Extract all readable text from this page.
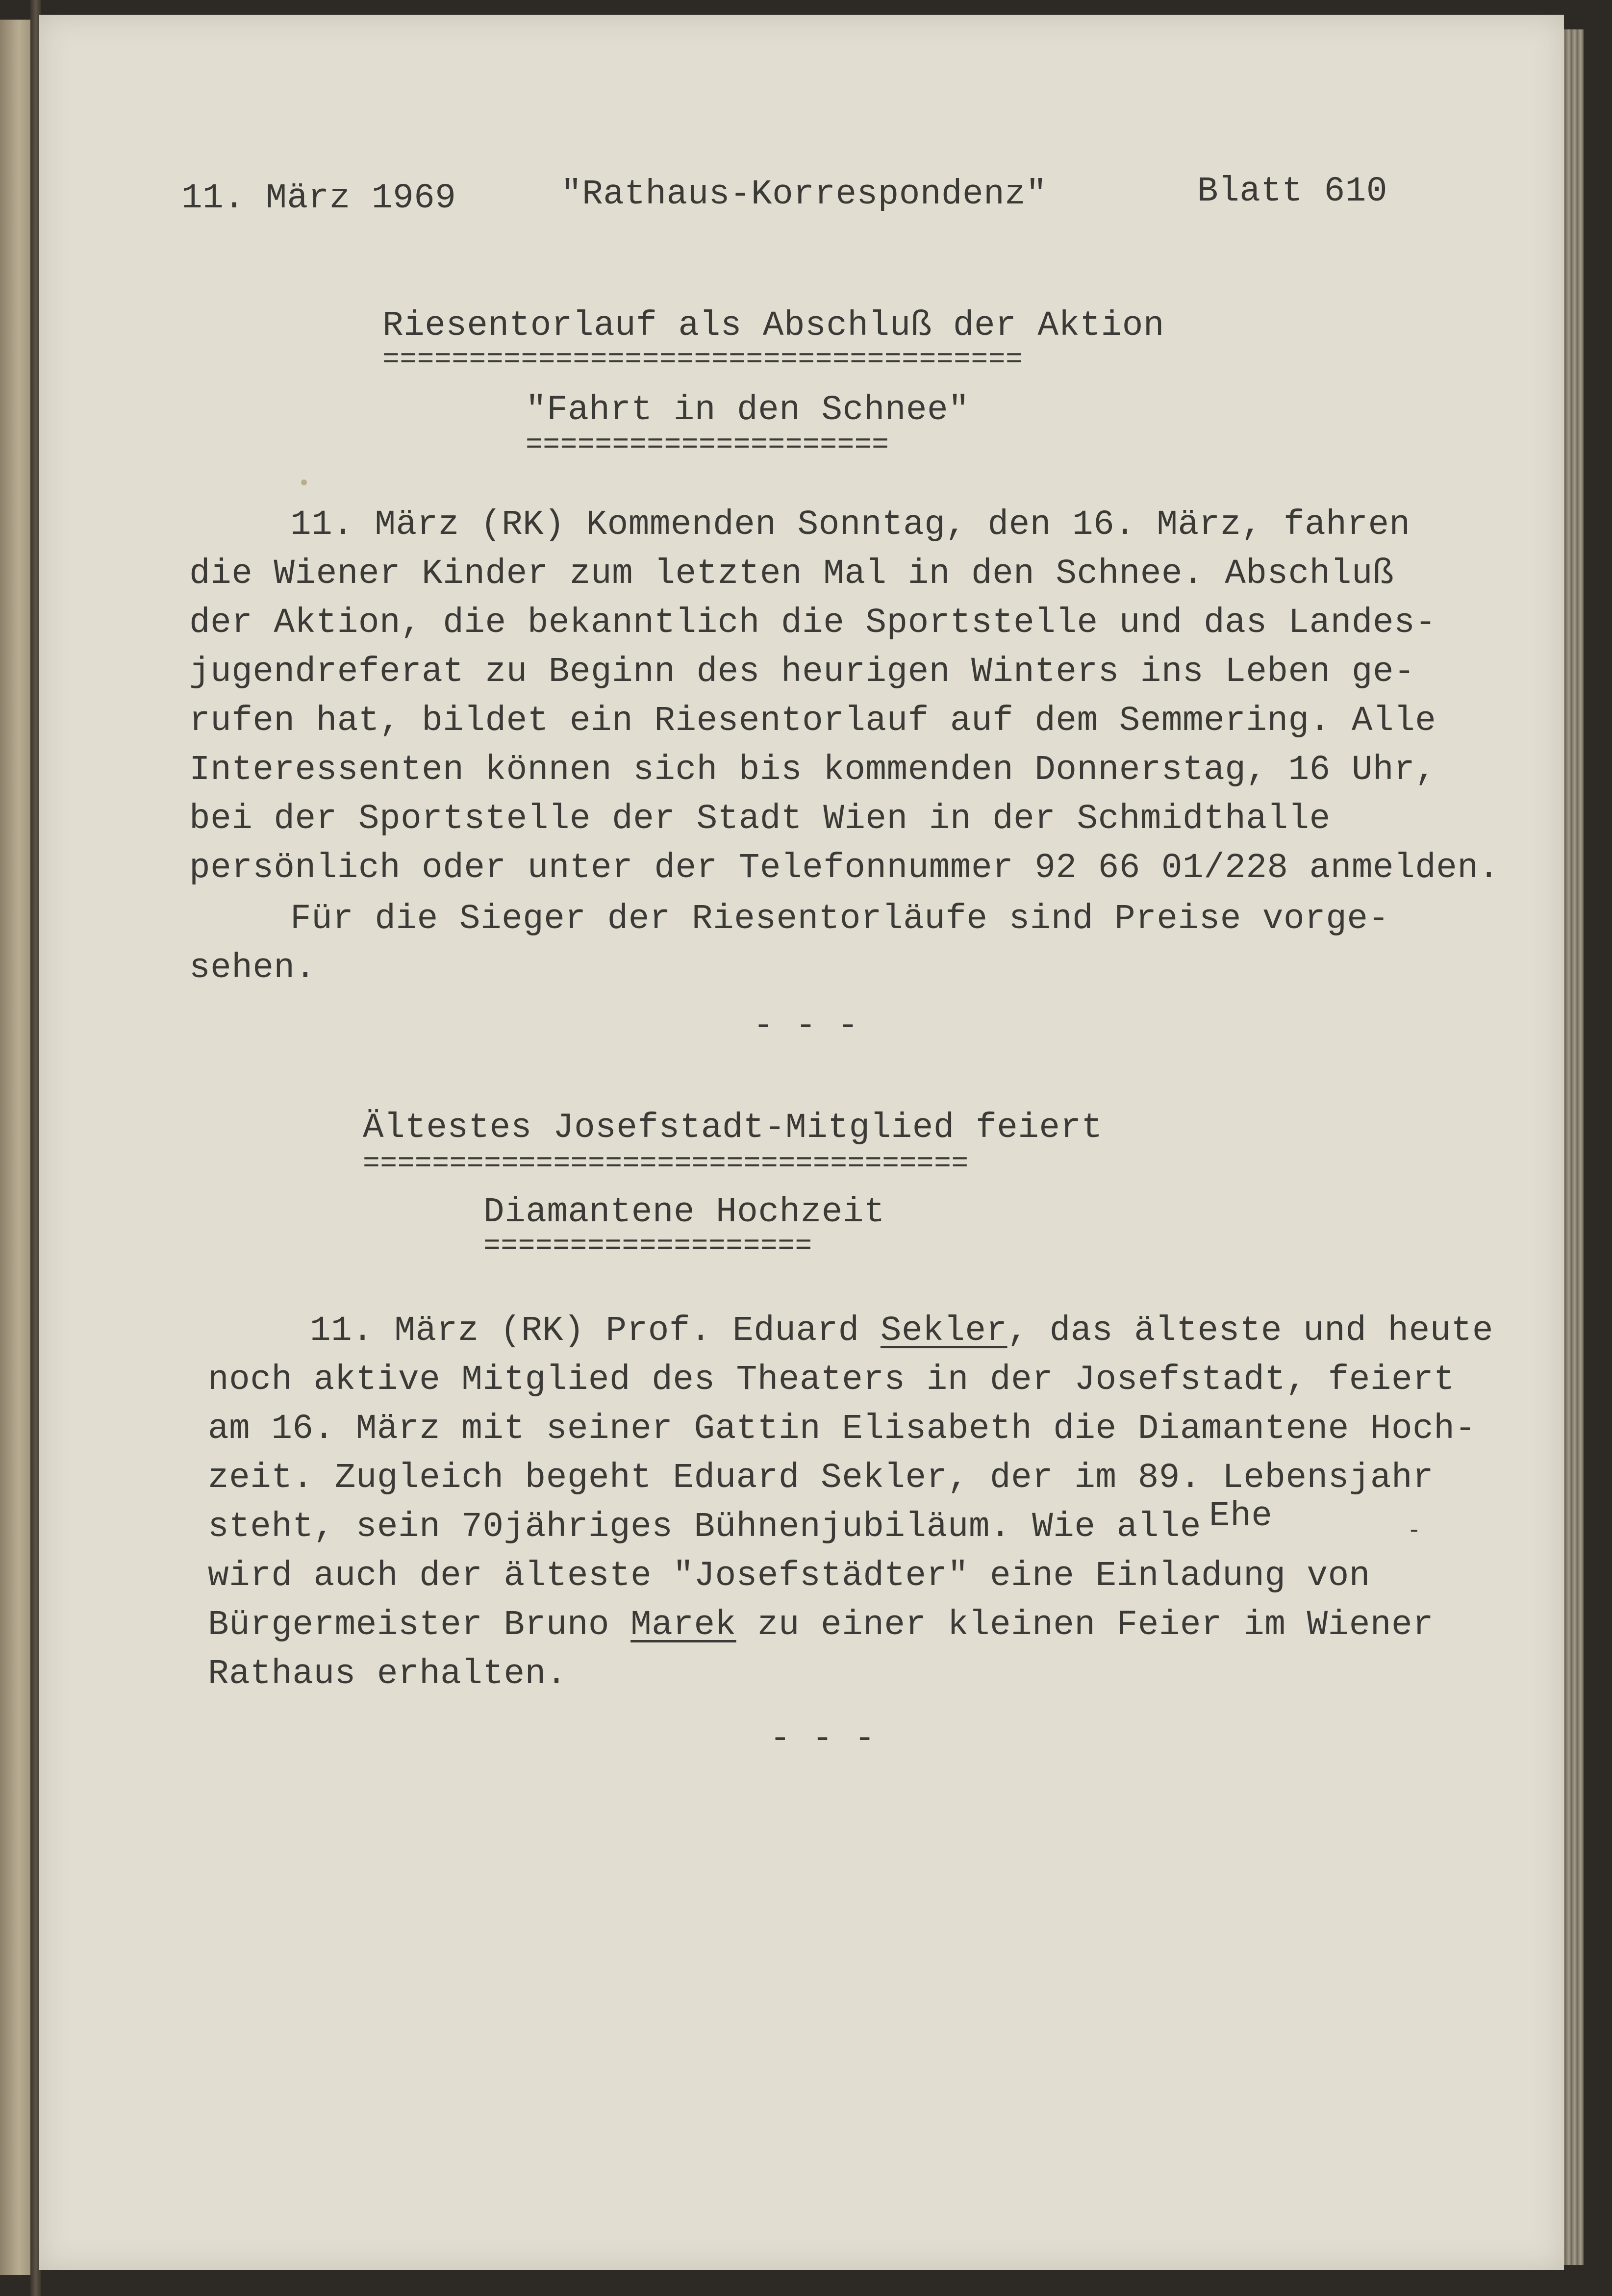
11. März 1969	"Rathaus-Korrespondenz"	Blatt 610
Riesentorlauf als Abschluß der Aktion
=====================================
"Fahrt in den Schnee"
=====================
11. März (RK) Kommenden Sonntag, den 16. März, fahren
die Wiener Kinder zum letzten Mal in den Schnee. Abschluß
der Aktion, die bekanntlich die Sportstelle und das Landes-
jugendreferat zu Beginn des heurigen Winters ins Leben ge-
rufen hat, bildet ein Riesentorlauf auf dem Semmering. Alle
Interessenten können sich bis kommenden Donnerstag, 16 Uhr,
bei der Sportstelle der Stadt Wien in der Schmidthalle
persönlich oder unter der Telefonnummer 92 66 01/228 anmelden.
Für die Sieger der Riesentorläufe sind Preise vorge-
sehen.
- - -
Ältestes Josefstadt-Mitglied feiert
===================================
Diamantene Hochzeit
===================
11. März (RK) Prof. Eduard Sekler, das älteste und heute
noch aktive Mitglied des Theaters in der Josefstadt, feiert
am 16. März mit seiner Gattin Elisabeth die Diamantene Hoch-
zeit. Zugleich begeht Eduard Sekler, der im 89. Lebensjahr
steht, sein 70jähriges Bühnenjubiläum. Wie alle Ehe	-
wird auch der älteste "Josefstädter" eine Einladung von
Bürgermeister Bruno Marek zu einer kleinen Feier im Wiener
Rathaus erhalten.
- - -
